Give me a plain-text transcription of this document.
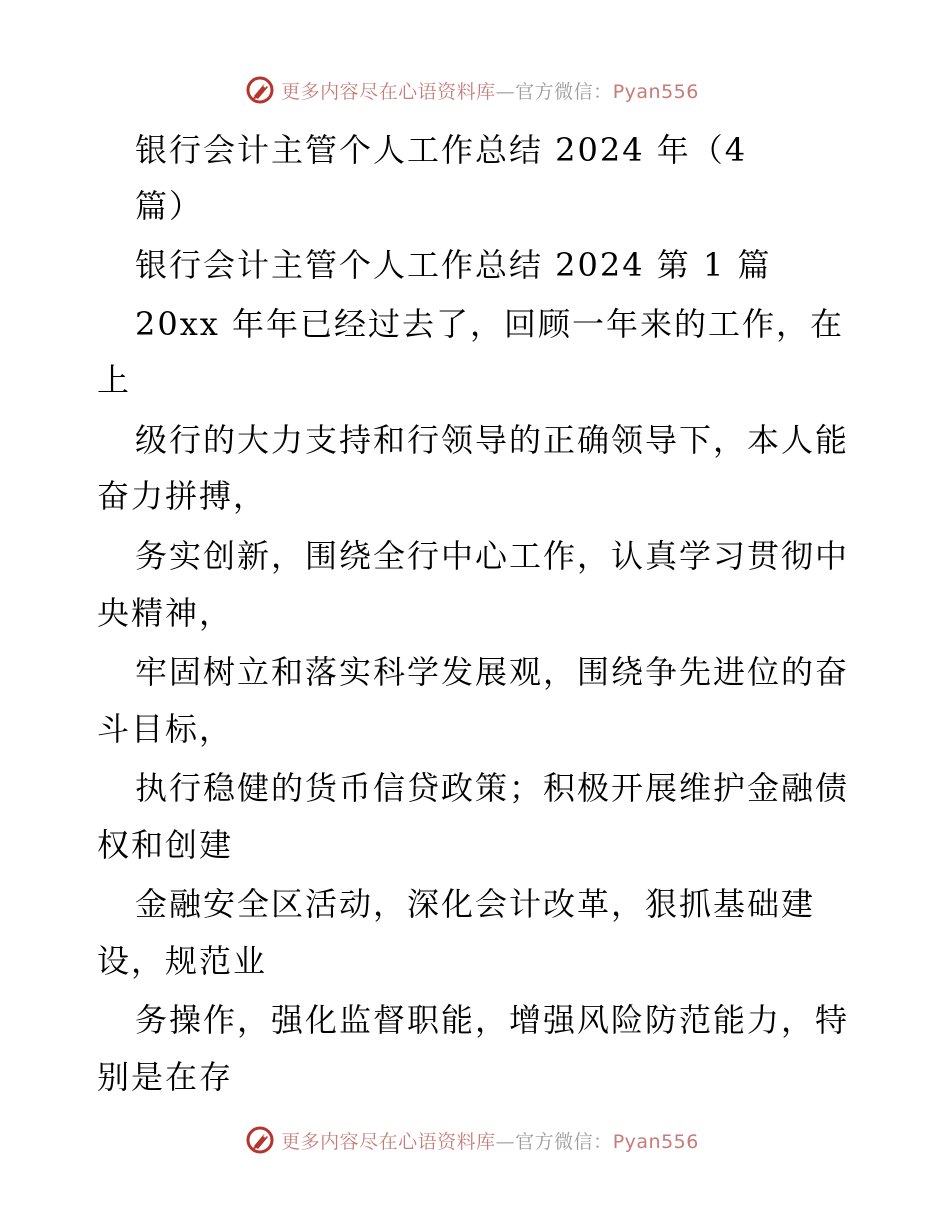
更多内容尽在心语资料库—官方微信：Pyan556
银行会计主管个人工作总结 2024 年（4
篇）
银行会计主管个人工作总结 2024 第 1 篇
20xx 年年已经过去了，回顾一年来的工作，在
上
级行的大力支持和行领导的正确领导下，本人能
奋力拼搏，
务实创新，围绕全行中心工作，认真学习贯彻中
央精神，
牢固树立和落实科学发展观，围绕争先进位的奋
斗目标，
执行稳健的货币信贷政策；积极开展维护金融债
权和创建
金融安全区活动，深化会计改革，狠抓基础建
设，规范业
务操作，强化监督职能，增强风险防范能力，特
别是在存
更多内容尽在心语资料库—官方微信：Pyan556
